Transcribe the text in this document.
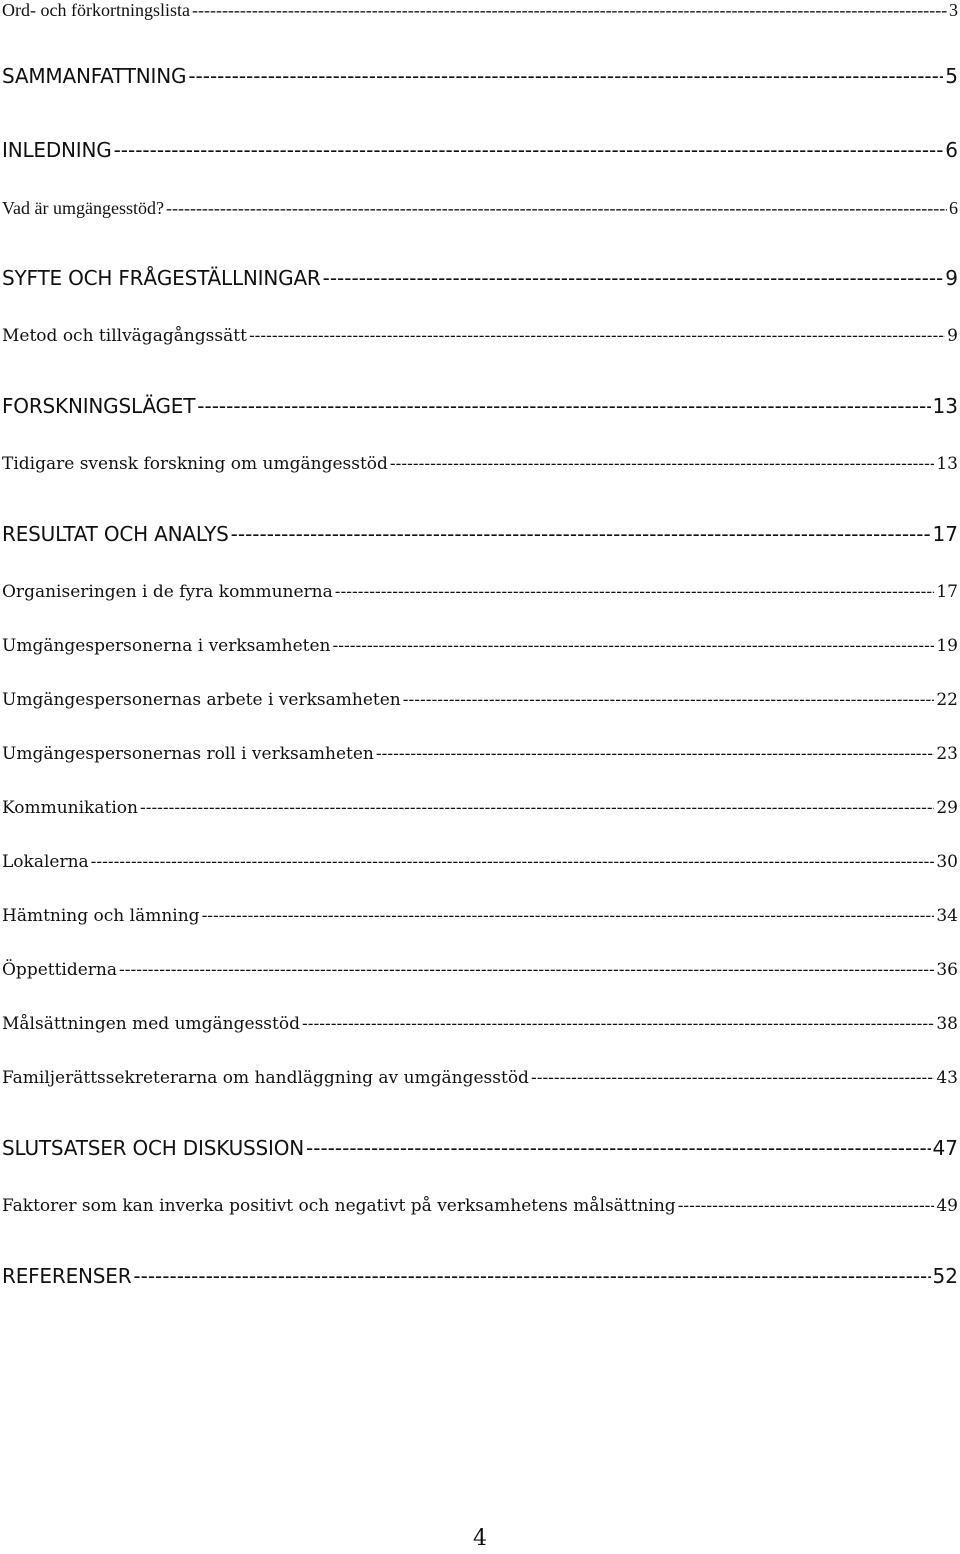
Ord- och förkortningslista -----	3
SAMMANFATTNING -----	5
INLEDNING -----	6
Vad är umgängesstöd? -----	6
SYFTE OCH FRÅGESTÄLLNINGAR -----	9
Metod och tillvägagångssätt -----	9
FORSKNINGSLÄGET -----	13
Tidigare svensk forskning om umgängesstöd -----	13
RESULTAT OCH ANALYS -----	17
Organiseringen i de fyra kommunerna -----	17
Umgängespersonerna i verksamheten -----	19
Umgängespersonernas arbete i verksamheten -----	22
Umgängespersonernas roll i verksamheten -----	23
Kommunikation -----	29
Lokalerna -----	30
Hämtning och lämning -----	34
Öppettiderna -----	36
Målsättningen med umgängesstöd -----	38
Familjerättssekreterarna om handläggning av umgängesstöd -----	43
SLUTSATSER OCH DISKUSSION -----	47
Faktorer som kan inverka positivt och negativt på verksamhetens målsättning -----	49
REFERENSER -----	52
4
